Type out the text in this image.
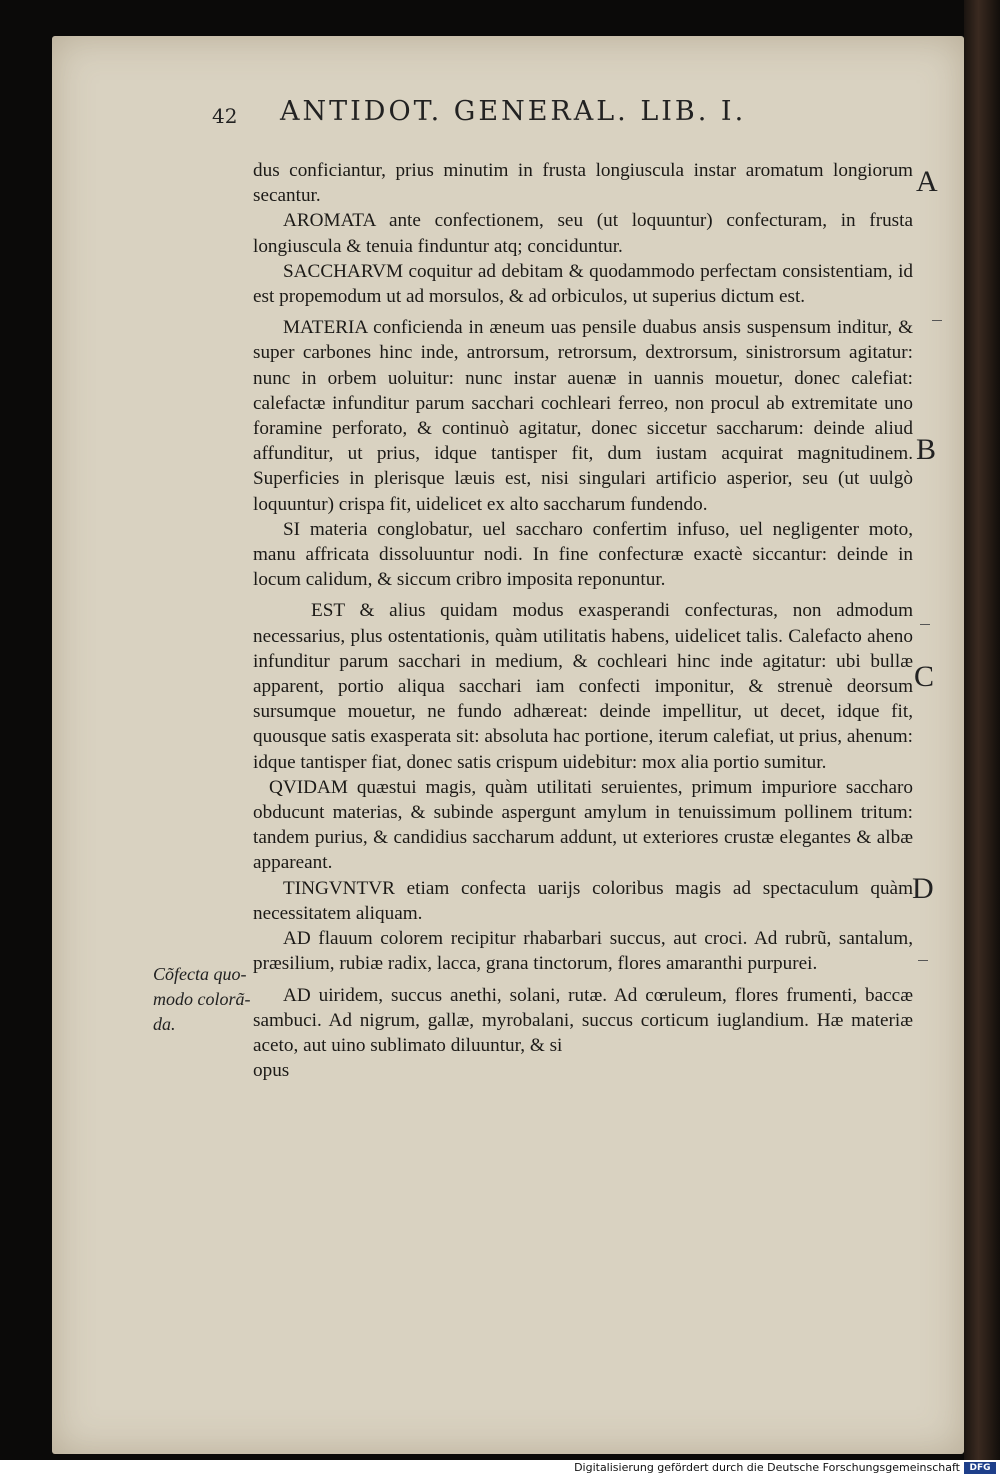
42 ANTIDOT. GENERAL. LIB. I.
A
B
C
D
Cõfecta quo-
modo colorã-
da.

dus conficiantur, prius minutim in frusta longiuscula instar aromatum longiorum secantur.

AROMATA ante confectionem, seu (ut loquuntur) confecturam, in frusta longiuscula & tenuia finduntur atq; conciduntur.

SACCHARVM coquitur ad debitam & quodammodo perfectam consistentiam, id est propemodum ut ad morsulos, & ad orbiculos, ut superius dictum est.

MATERIA conficienda in æneum uas pensile duabus ansis suspensum inditur, & super carbones hinc inde, antrorsum, retrorsum, dextrorsum, sinistrorsum agitatur: nunc in orbem uoluitur: nunc instar auenæ in uannis mouetur, donec calefiat: calefactæ infunditur parum sacchari cochleari ferreo, non procul ab extremitate uno foramine perforato, & continuò agitatur, donec siccetur saccharum: deinde aliud affunditur, ut prius, idque tantisper fit, dum iustam acquirat magnitudinem. Superficies in plerisque læuis est, nisi singulari artificio asperior, seu (ut uulgò loquuntur) crispa fit, uidelicet ex alto saccharum fundendo.

SI materia conglobatur, uel saccharo confertim infuso, uel negligenter moto, manu affricata dissoluuntur nodi. In fine confecturæ exactè siccantur: deinde in locum calidum, & siccum cribro imposita reponuntur.

EST & alius quidam modus exasperandi confecturas, non admodum necessarius, plus ostentationis, quàm utilitatis habens, uidelicet talis. Calefacto aheno infunditur parum sacchari in medium, & cochleari hinc inde agitatur: ubi bullæ apparent, portio aliqua sacchari iam confecti imponitur, & strenuè deorsum sursumque mouetur, ne fundo adhæreat: deinde impellitur, ut decet, idque fit, quousque satis exasperata sit: absoluta hac portione, iterum calefiat, ut prius, ahenum: idque tantisper fiat, donec satis crispum uidebitur: mox alia portio sumitur.

QVIDAM quæstui magis, quàm utilitati seruientes, primum impuriore saccharo obducunt materias, & subinde aspergunt amylum in tenuissimum pollinem tritum: tandem purius, & candidius saccharum addunt, ut exteriores crustæ elegantes & albæ appareant.

TINGVNTVR etiam confecta uarijs coloribus magis ad spectaculum quàm necessitatem aliquam.

AD flauum colorem recipitur rhabarbari succus, aut croci. Ad rubrũ, santalum, præsilium, rubiæ radix, lacca, grana tinctorum, flores amaranthi purpurei.

AD uiridem, succus anethi, solani, rutæ. Ad cœruleum, flores frumenti, baccæ sambuci. Ad nigrum, gallæ, myrobalani, succus corticum iuglandium. Hæ materiæ aceto, aut uino sublimato diluuntur, & si

opus

Digitalisierung gefördert durch die Deutsche Forschungsgemeinschaft	DFG
